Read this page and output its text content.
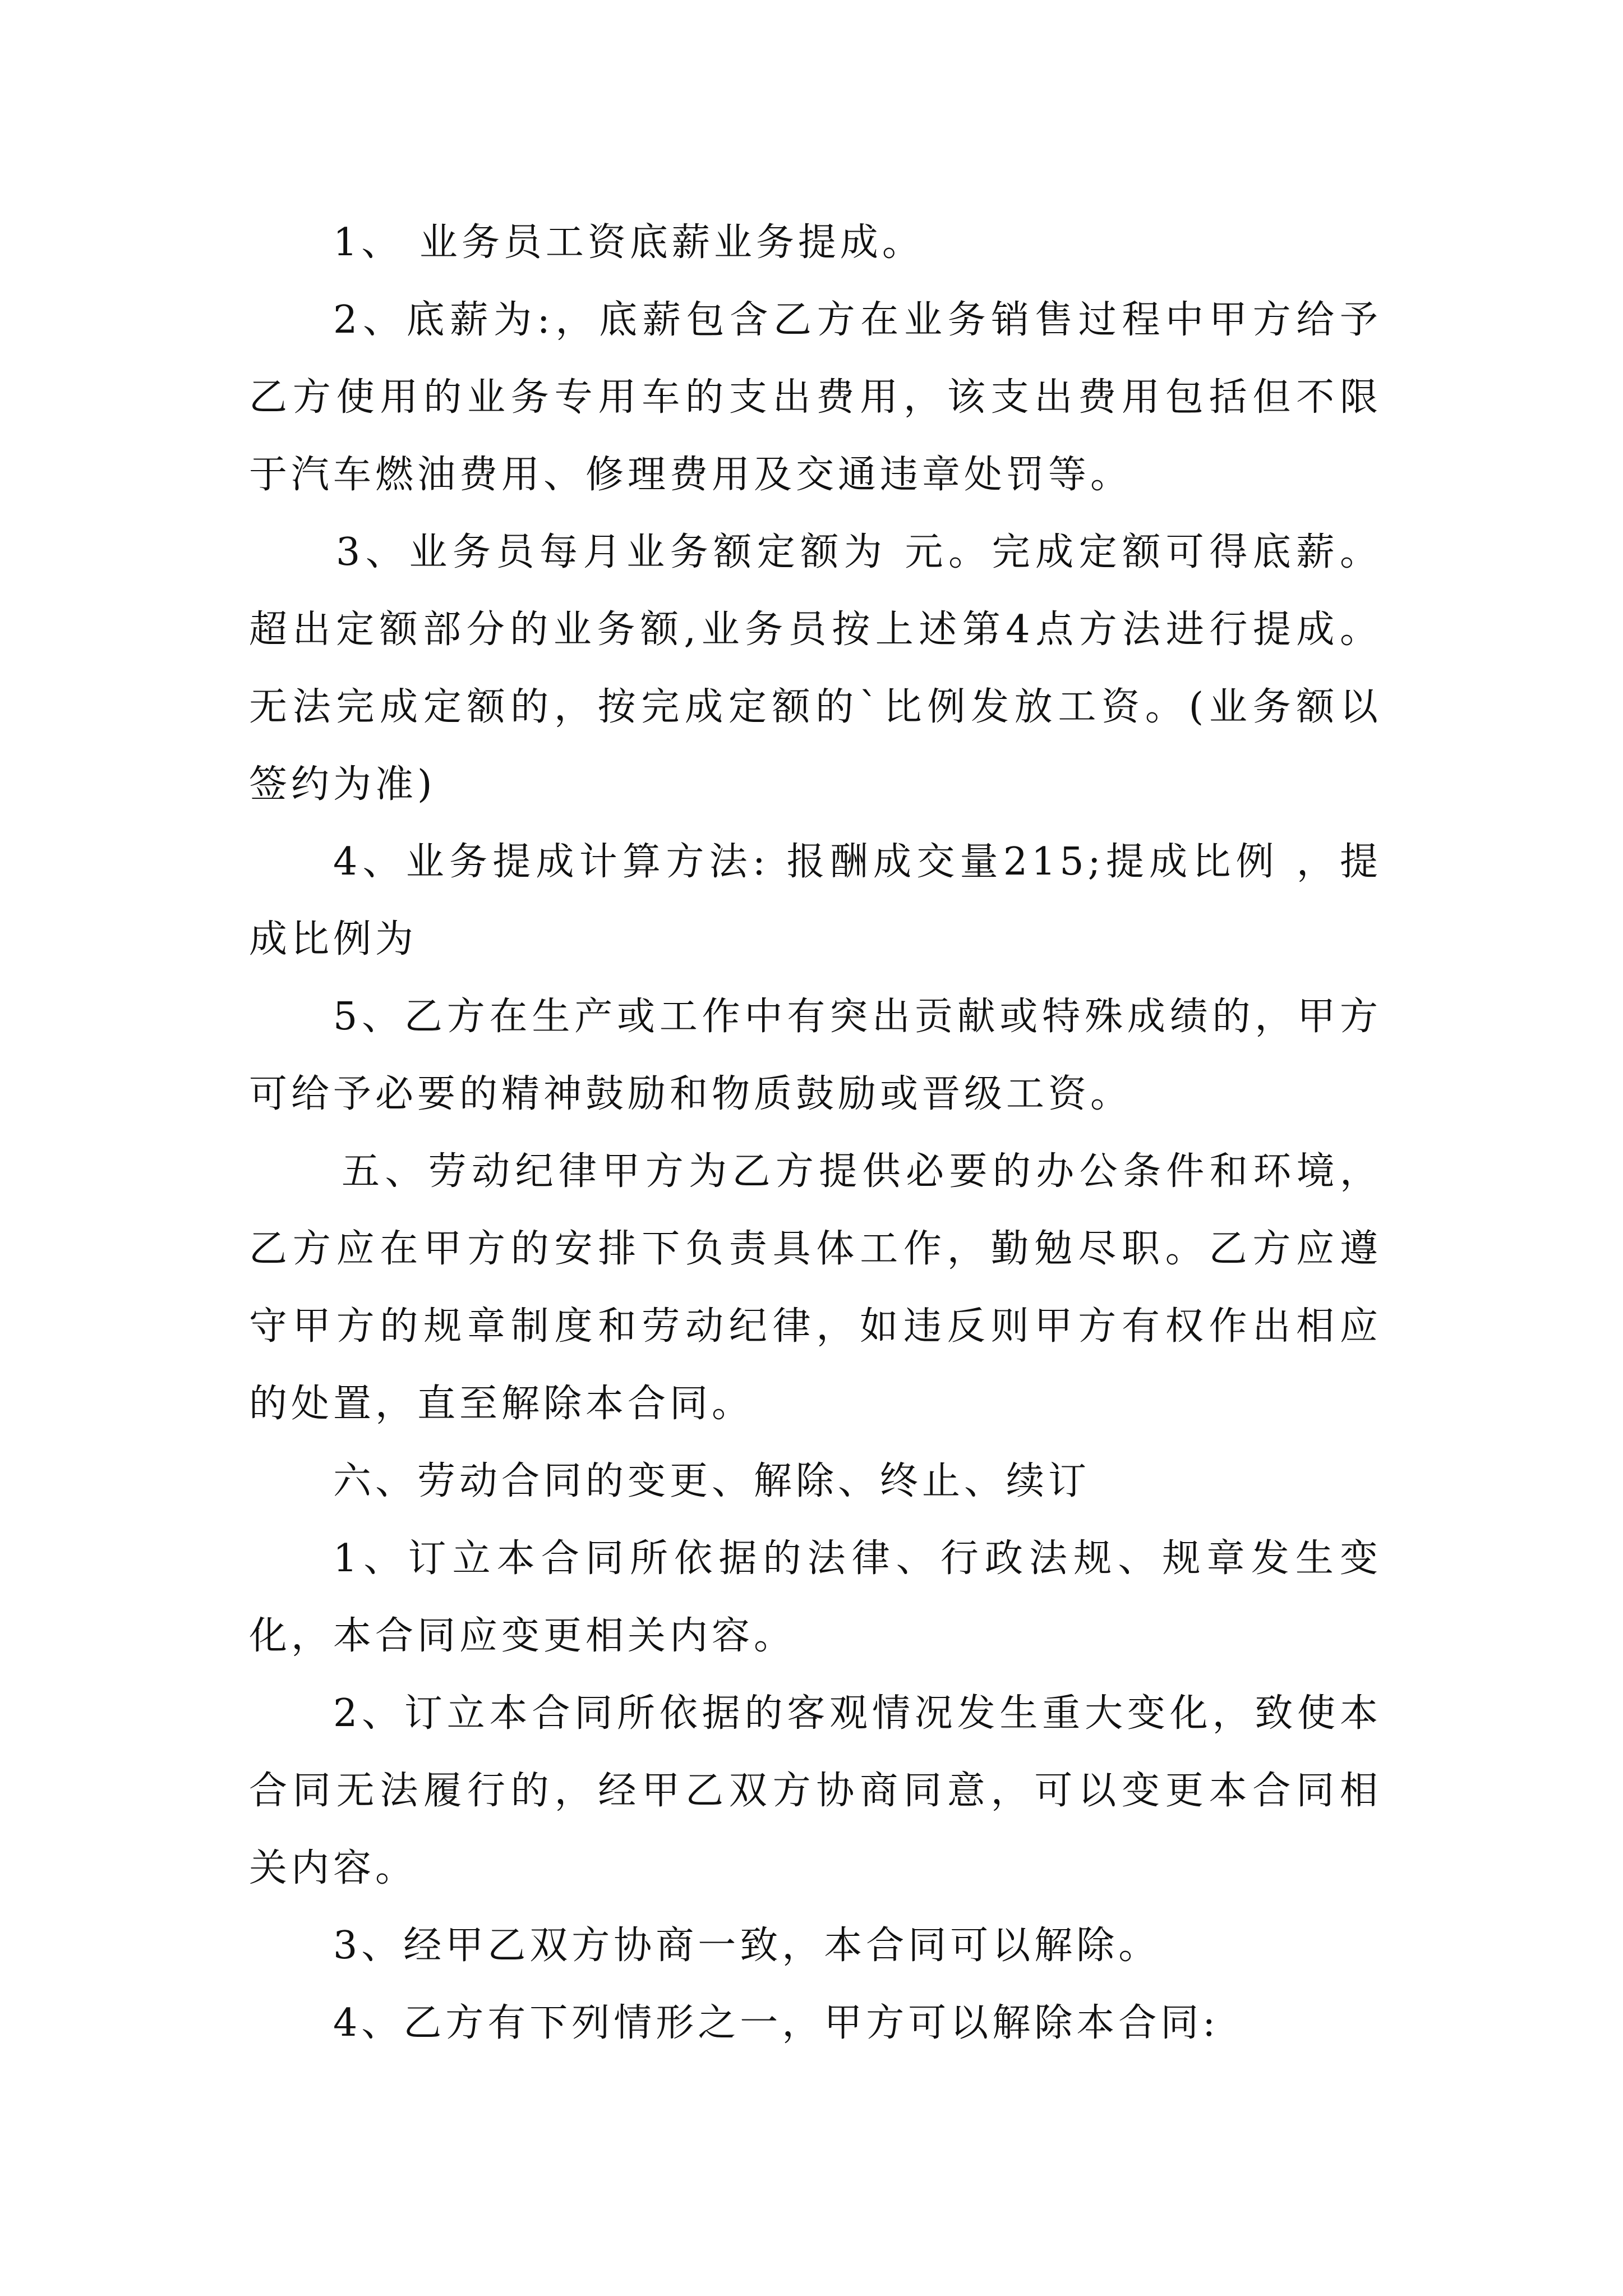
1、 业务员工资底薪业务提成。

2、底薪为:，底薪包含乙方在业务销售过程中甲方给予乙方使用的业务专用车的支出费用，该支出费用包括但不限于汽车燃油费用、修理费用及交通违章处罚等。

3、业务员每月业务额定额为 元。完成定额可得底薪。超出定额部分的业务额,业务员按上述第4点方法进行提成。无法完成定额的，按完成定额的`比例发放工资。(业务额以签约为准)

4、业务提成计算方法: 报酬成交量215;提成比例 ，提成比例为

5、乙方在生产或工作中有突出贡献或特殊成绩的，甲方可给予必要的精神鼓励和物质鼓励或晋级工资。

五、劳动纪律甲方为乙方提供必要的办公条件和环境，乙方应在甲方的安排下负责具体工作，勤勉尽职。乙方应遵守甲方的规章制度和劳动纪律，如违反则甲方有权作出相应的处置，直至解除本合同。

六、劳动合同的变更、解除、终止、续订

1、订立本合同所依据的法律、行政法规、规章发生变化，本合同应变更相关内容。

2、订立本合同所依据的客观情况发生重大变化，致使本合同无法履行的，经甲乙双方协商同意，可以变更本合同相关内容。

3、经甲乙双方协商一致，本合同可以解除。

4、乙方有下列情形之一，甲方可以解除本合同:
